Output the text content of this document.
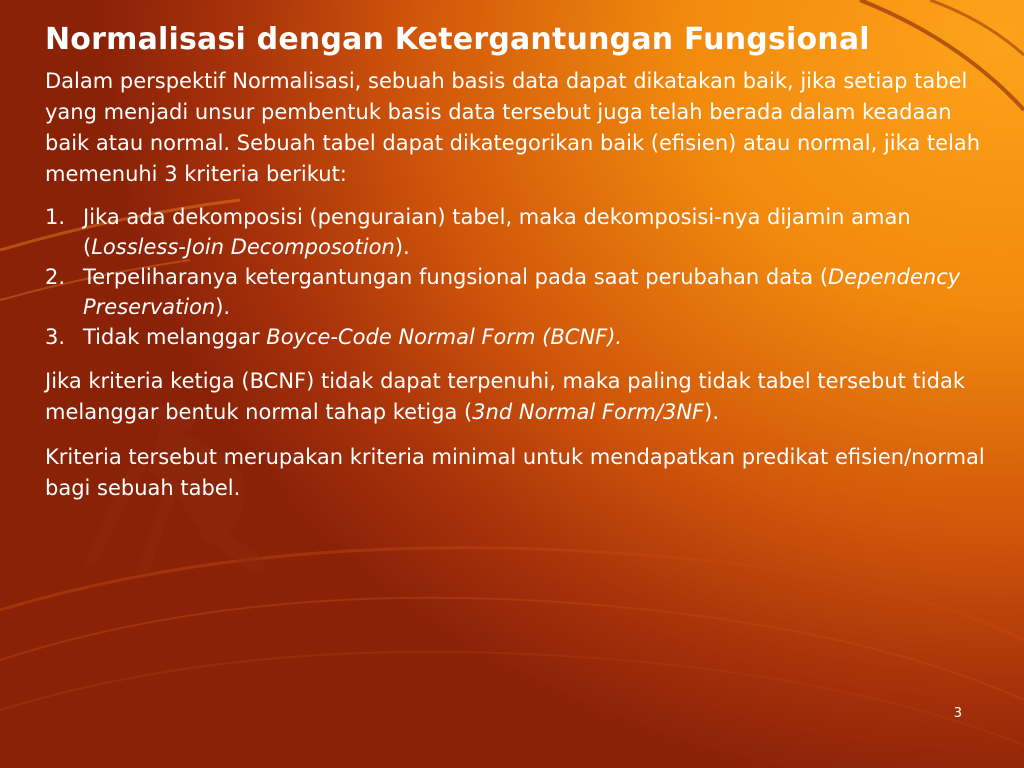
Normalisasi dengan Ketergantungan Fungsional

Dalam perspektif Normalisasi, sebuah basis data dapat dikatakan baik, jika setiap tabel yang menjadi unsur pembentuk basis data tersebut juga telah berada dalam keadaan baik atau normal. Sebuah tabel dapat dikategorikan baik (efisien) atau normal, jika telah memenuhi 3 kriteria berikut:

1. Jika ada dekomposisi (penguraian) tabel, maka dekomposisi-nya dijamin aman (Lossless-Join Decomposotion).
2. Terpeliharanya ketergantungan fungsional pada saat perubahan data (Dependency Preservation).
3. Tidak melanggar Boyce-Code Normal Form (BCNF).

Jika kriteria ketiga (BCNF) tidak dapat terpenuhi, maka paling tidak tabel tersebut tidak melanggar bentuk normal tahap ketiga (3nd Normal Form/3NF).

Kriteria tersebut merupakan kriteria minimal untuk mendapatkan predikat efisien/normal bagi sebuah tabel.

3
